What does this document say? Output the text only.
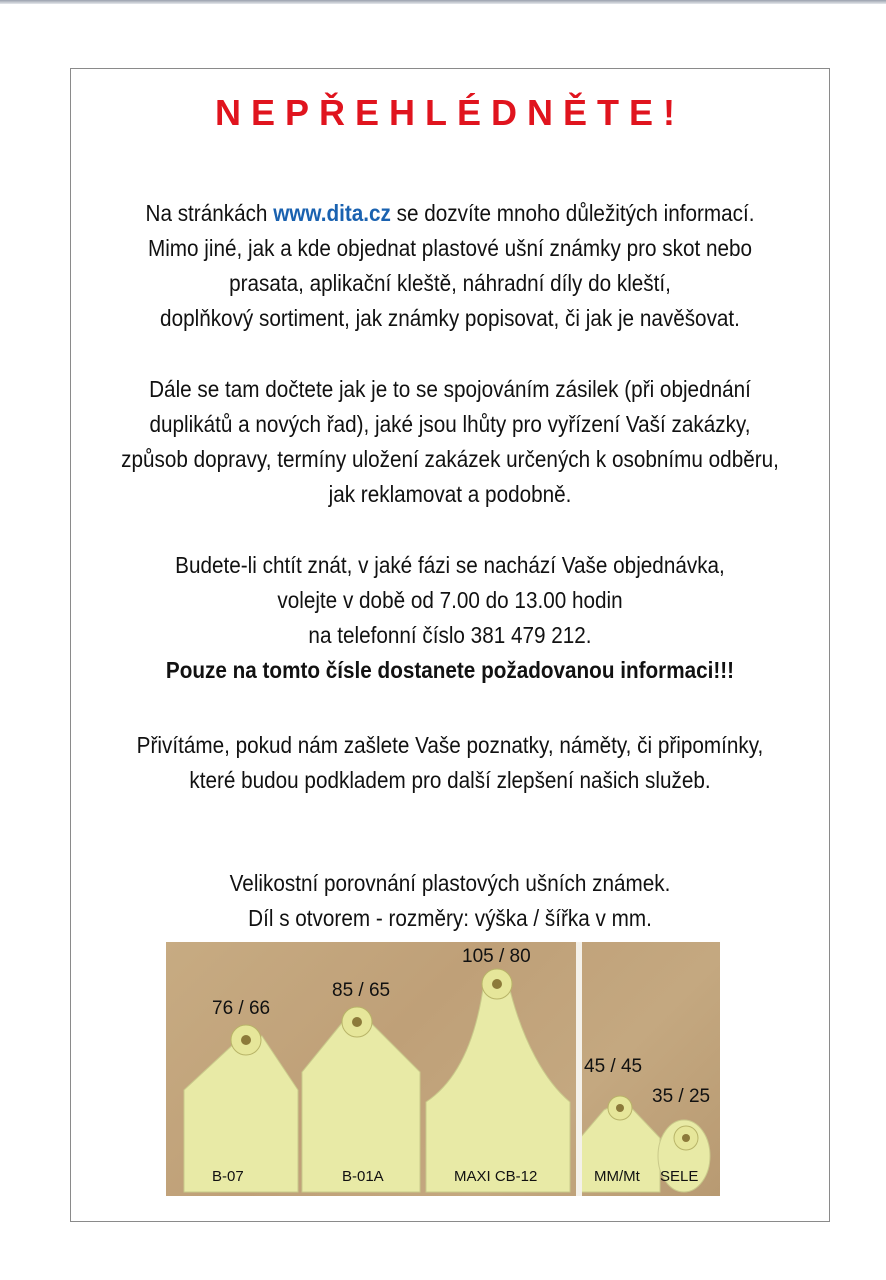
NEPŘEHLÉDNĚTE!
Na stránkách www.dita.cz se dozvíte mnoho důležitých informací.
Mimo jiné, jak a kde objednat plastové ušní známky pro skot nebo
prasata, aplikační kleště, náhradní díly do kleští,
doplňkový sortiment, jak známky popisovat, či jak je navěšovat.
Dále se tam dočtete jak je to se spojováním zásilek (při objednání
duplikátů a nových řad), jaké jsou lhůty pro vyřízení Vaší zakázky,
způsob dopravy, termíny uložení zakázek určených k osobnímu odběru,
jak reklamovat a podobně.
Budete-li chtít znát, v jaké fázi se nachází Vaše objednávka,
volejte v době od 7.00 do 13.00 hodin
na telefonní číslo 381 479 212.
Pouze na tomto čísle dostanete požadovanou informaci!!!
Přivítáme, pokud nám zašlete Vaše poznatky, náměty, či připomínky,
které budou podkladem pro další zlepšení našich služeb.
Velikostní porovnání plastových ušních známek.
Díl s otvorem - rozměry: výška / šířka v mm.
76 / 66
85 / 65
105 / 80
45 / 45
35 / 25
B-07	B-01A	MAXI CB-12	MM/Mt SELE
